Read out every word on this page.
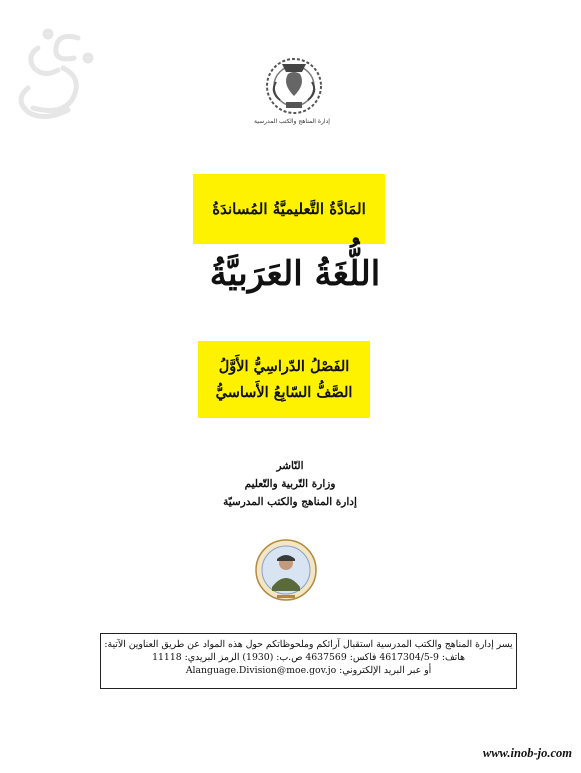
إدارة المناهج والكتب المدرسية
المَادَّةُ التَّعليميَّةُ المُساندَةُ
اللُّغَةُ العَرَبيَّةُ
الفَصْلُ الدّراسِيُّ الأَوَّلُ
الصَّفُّ السّابِعُ الأَساسيُّ
النّاشر
وزارة التّربية والتّعليم
إدارة المناهج والكتب المدرسيّة
يسر إدارة المناهج والكتب المدرسية استقبال آرائكم وملحوظاتكم حول هذه المواد عن طريق العناوين الآتية:
هاتف: 9-4617304/5 فاكس: 4637569 ص.ب: (1930) الرمز البريدي: 11118
أو عبر البريد الإلكتروني: Alanguage.Division@moe.gov.jo
www.inob-jo.com
